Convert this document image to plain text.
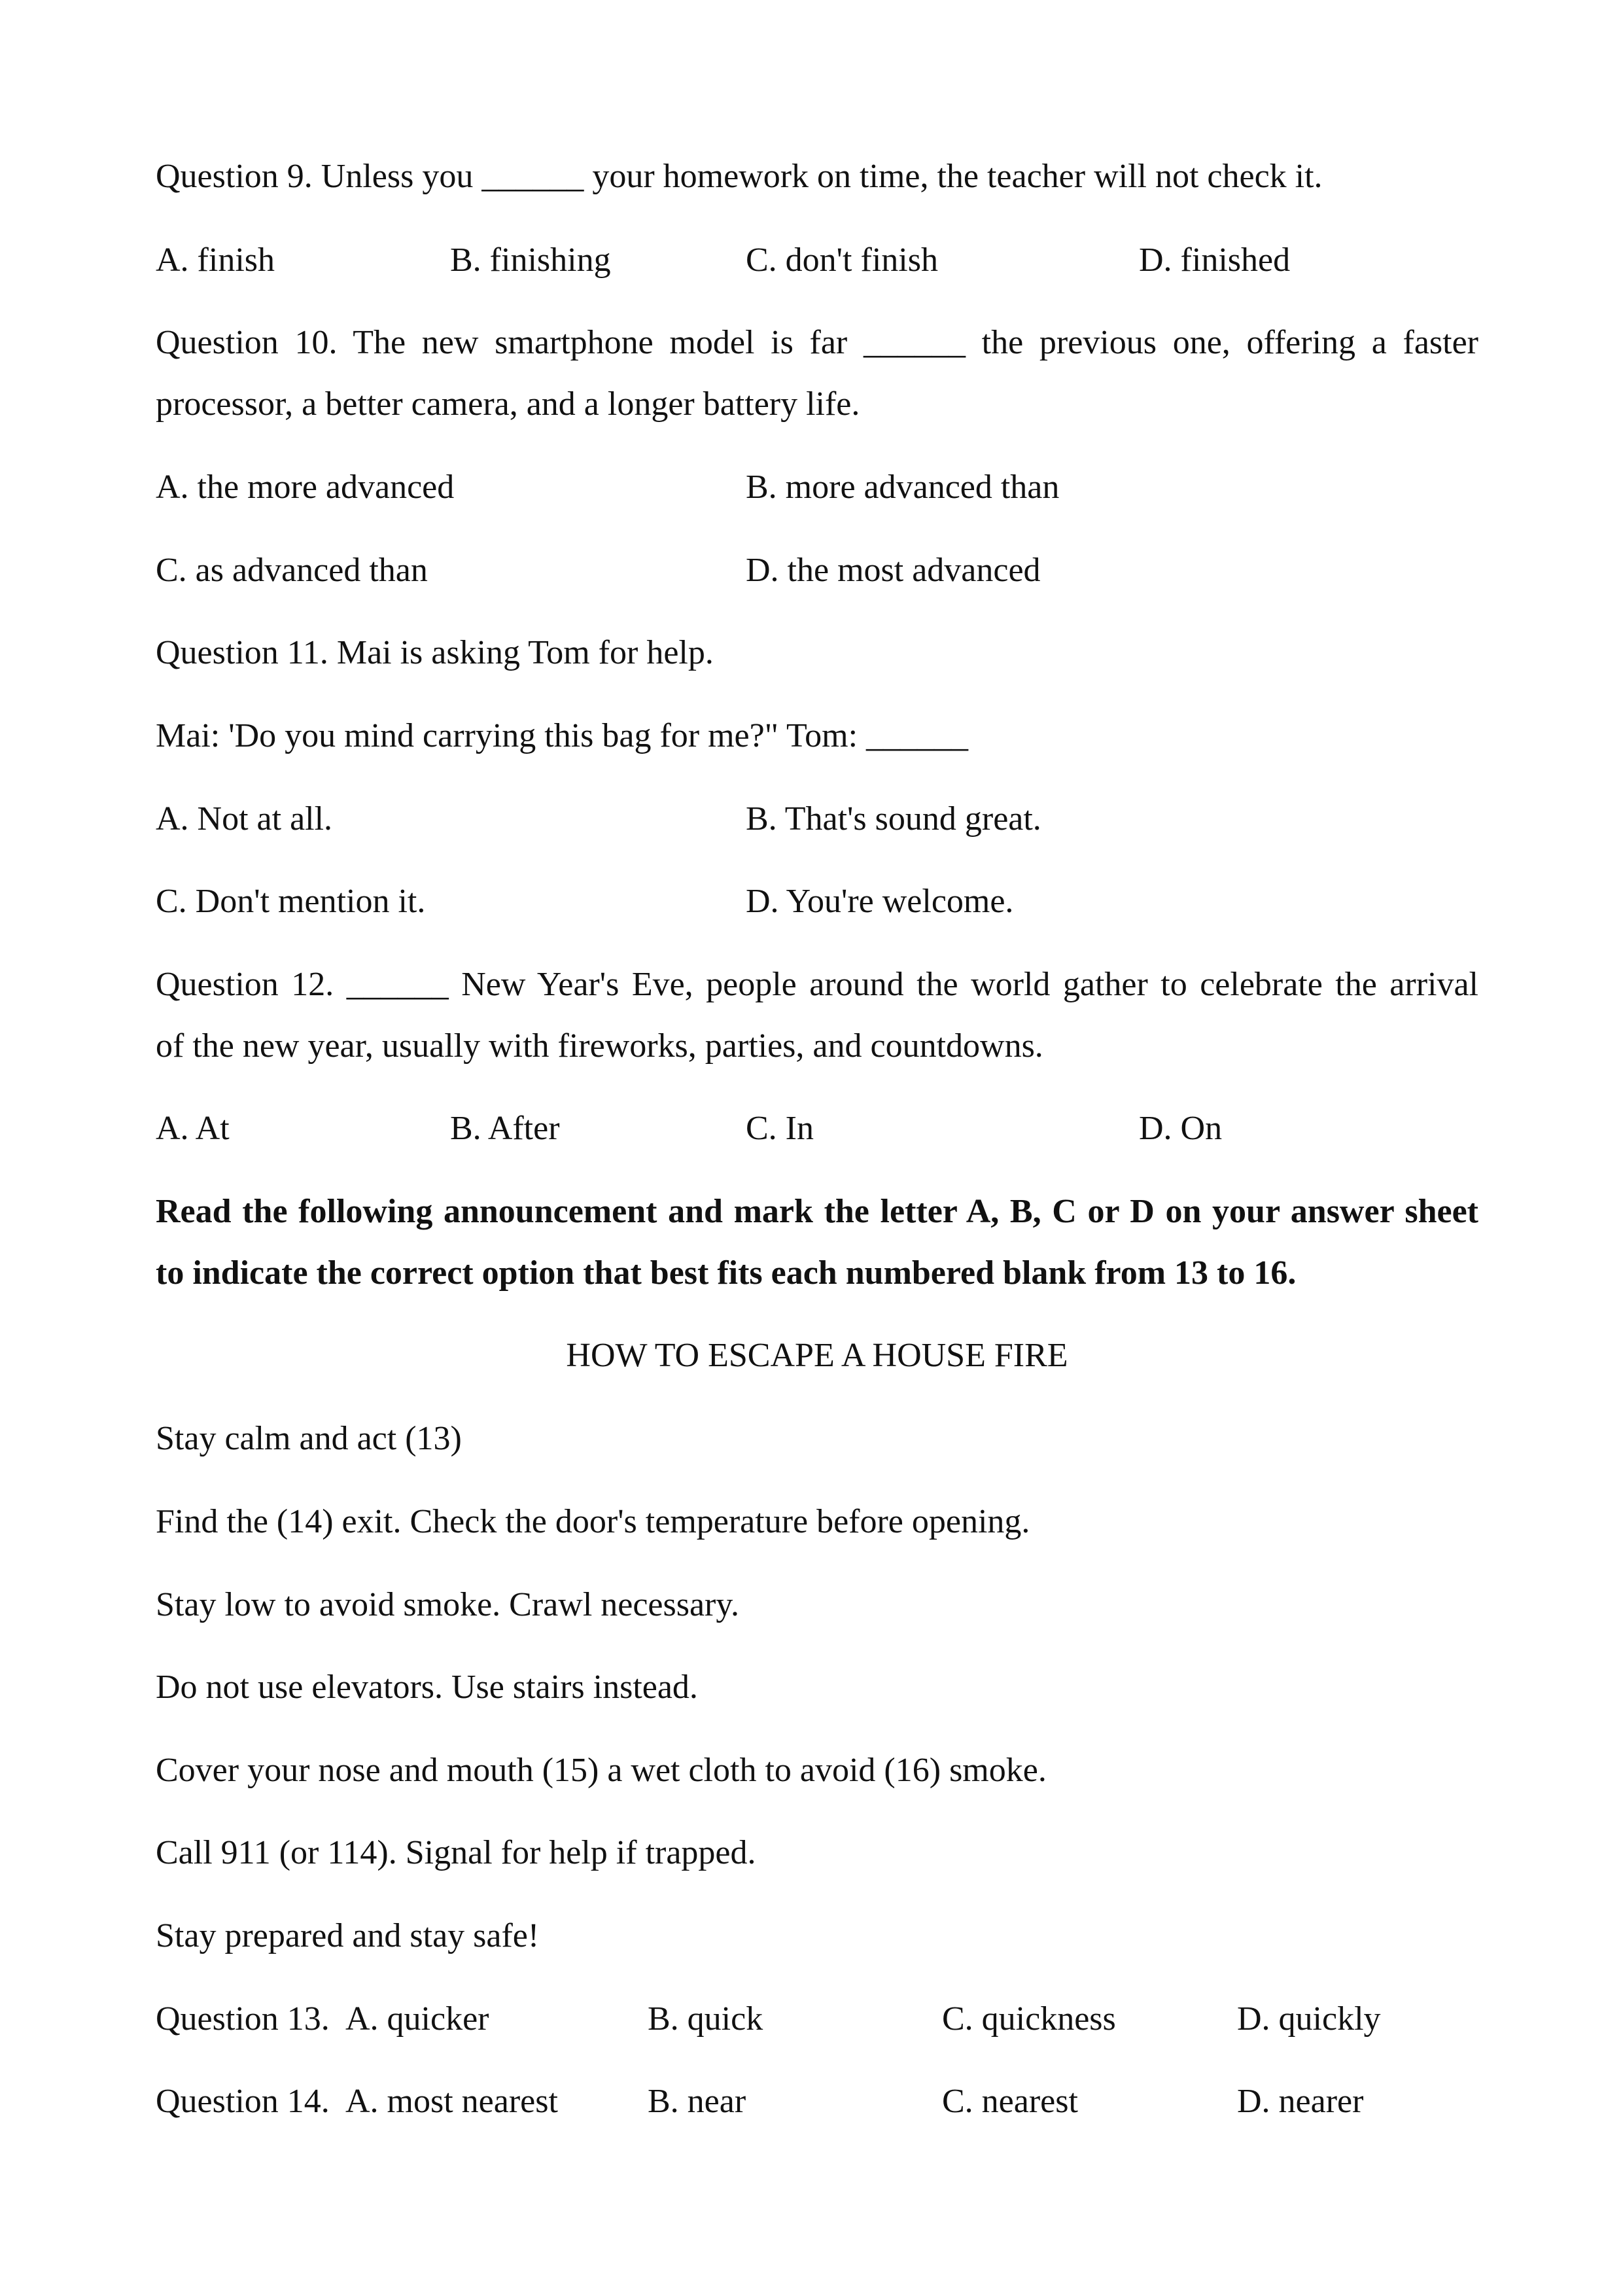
Question 9. Unless you ______ your homework on time, the teacher will not check it.
A. finish	B. finishing	C. don't finish	D. finished
Question 10. The new smartphone model is far ______ the previous one, offering a faster
processor, a better camera, and a longer battery life.
A. the more advanced	B. more advanced than
C. as advanced than	D. the most advanced
Question 11. Mai is asking Tom for help.
Mai: 'Do you mind carrying this bag for me?" Tom: ______
A. Not at all.	B. That's sound great.
C. Don't mention it.	D. You're welcome.
Question 12. ______ New Year's Eve, people around the world gather to celebrate the arrival
of the new year, usually with fireworks, parties, and countdowns.
A. At	B. After	C. In	D. On
Read the following announcement and mark the letter A, B, C or D on your answer sheet
to indicate the correct option that best fits each numbered blank from 13 to 16.
HOW TO ESCAPE A HOUSE FIRE
Stay calm and act (13)
Find the (14) exit. Check the door's temperature before opening.
Stay low to avoid smoke. Crawl necessary.
Do not use elevators. Use stairs instead.
Cover your nose and mouth (15) a wet cloth to avoid (16) smoke.
Call 911 (or 114). Signal for help if trapped.
Stay prepared and stay safe!
Question 13. A. quicker	B. quick	C. quickness	D. quickly
Question 14. A. most nearest	B. near	C. nearest	D. nearer
